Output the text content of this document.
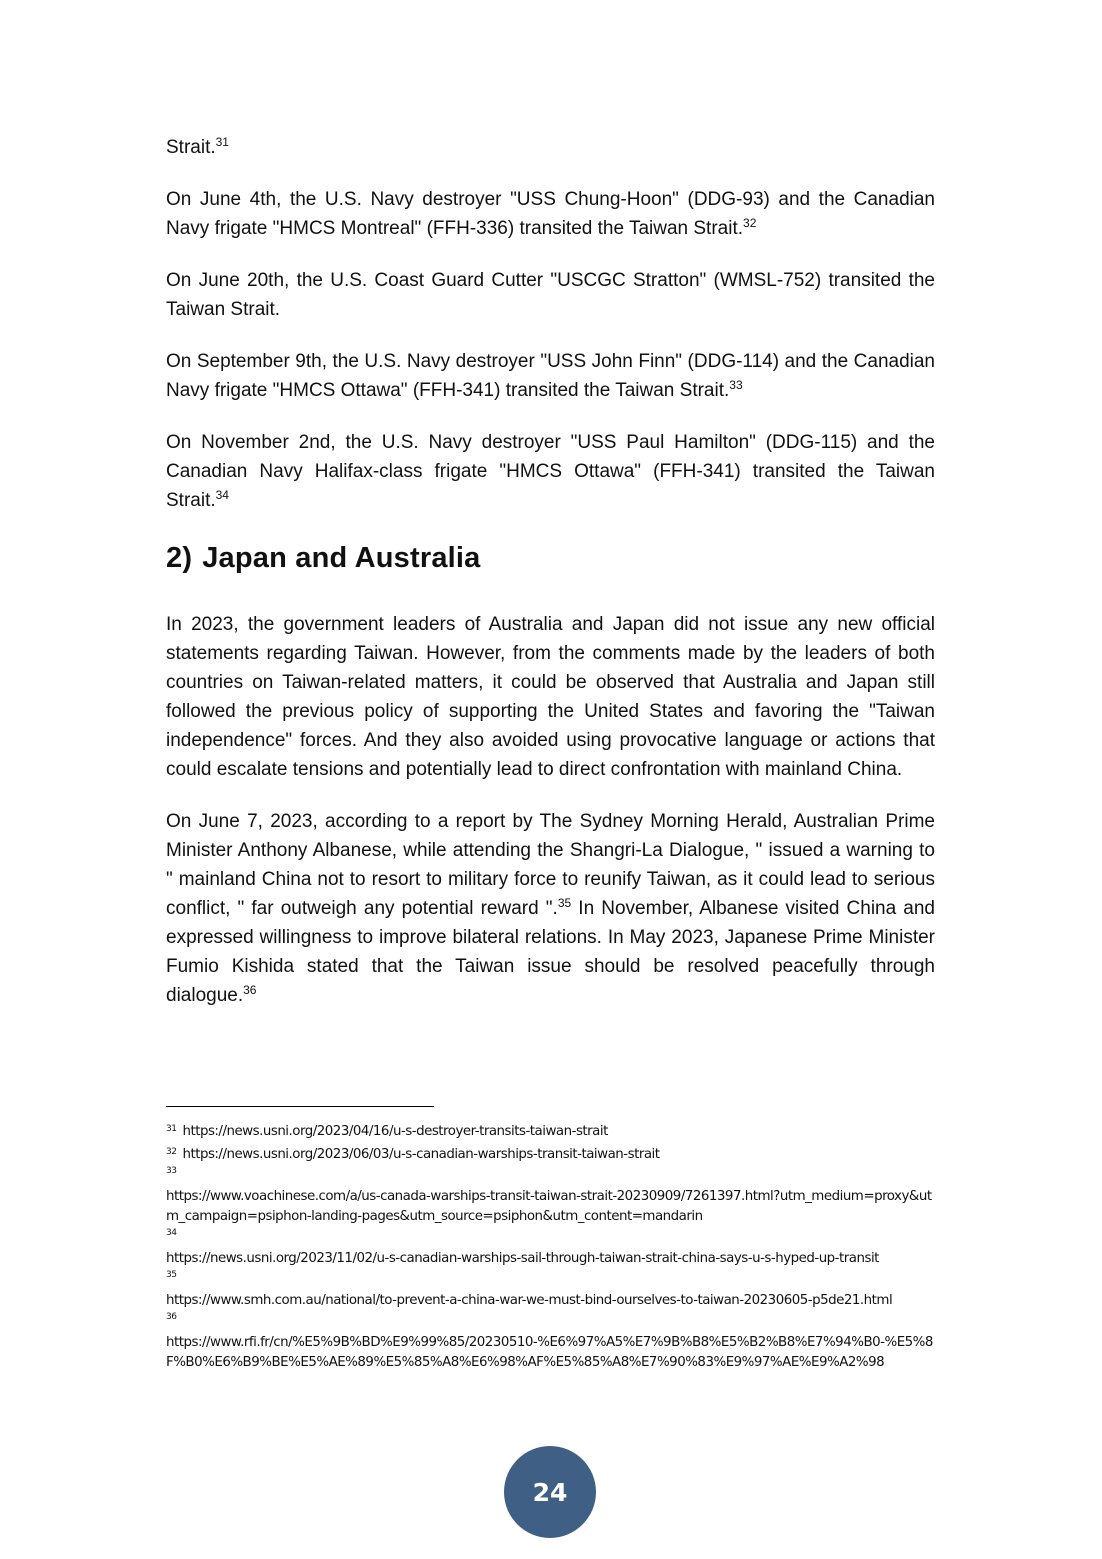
Strait.$^{31}$

On June 4th, the U.S. Navy destroyer "USS Chung-Hoon" (DDG-93) and the Canadian Navy frigate "HMCS Montreal" (FFH-336) transited the Taiwan Strait.$^{32}$

On June 20th, the U.S. Coast Guard Cutter "USCGC Stratton" (WMSL-752) transited the Taiwan Strait.

On September 9th, the U.S. Navy destroyer "USS John Finn" (DDG-114) and the Canadian Navy frigate "HMCS Ottawa" (FFH-341) transited the Taiwan Strait.$^{33}$

On November 2nd, the U.S. Navy destroyer "USS Paul Hamilton" (DDG-115) and the Canadian Navy Halifax-class frigate "HMCS Ottawa" (FFH-341) transited the Taiwan Strait.$^{34}$

2) Japan and Australia

In 2023, the government leaders of Australia and Japan did not issue any new official statements regarding Taiwan. However, from the comments made by the leaders of both countries on Taiwan-related matters, it could be observed that Australia and Japan still followed the previous policy of supporting the United States and favoring the "Taiwan independence" forces. And they also avoided using provocative language or actions that could escalate tensions and potentially lead to direct confrontation with mainland China.

On June 7, 2023, according to a report by The Sydney Morning Herald, Australian Prime Minister Anthony Albanese, while attending the Shangri-La Dialogue, " issued a warning to " mainland China not to resort to military force to reunify Taiwan, as it could lead to serious conflict, " far outweigh any potential reward ".$^{35}$ In November, Albanese visited China and expressed willingness to improve bilateral relations. In May 2023, Japanese Prime Minister Fumio Kishida stated that the Taiwan issue should be resolved peacefully through dialogue.$^{36}$

$^{31}$ https://news.usni.org/2023/04/16/u-s-destroyer-transits-taiwan-strait
$^{32}$ https://news.usni.org/2023/06/03/u-s-canadian-warships-transit-taiwan-strait
33
https://www.voachinese.com/a/us-canada-warships-transit-taiwan-strait-20230909/7261397.html?utm_medium=proxy&utm_campaign=psiphon-landing-pages&utm_source=psiphon&utm_content=mandarin
34
https://news.usni.org/2023/11/02/u-s-canadian-warships-sail-through-taiwan-strait-china-says-u-s-hyped-up-transit
35
https://www.smh.com.au/national/to-prevent-a-china-war-we-must-bind-ourselves-to-taiwan-20230605-p5de21.html
36
https://www.rfi.fr/cn/%E5%9B%BD%E9%99%85/20230510-%E6%97%A5%E7%9B%B8%E5%B2%B8%E7%94%B0-%E5%8F%B0%E6%B9%BE%E5%AE%89%E5%85%A8%E6%98%AF%E5%85%A8%E7%90%83%E9%97%AE%E9%A2%98
24
